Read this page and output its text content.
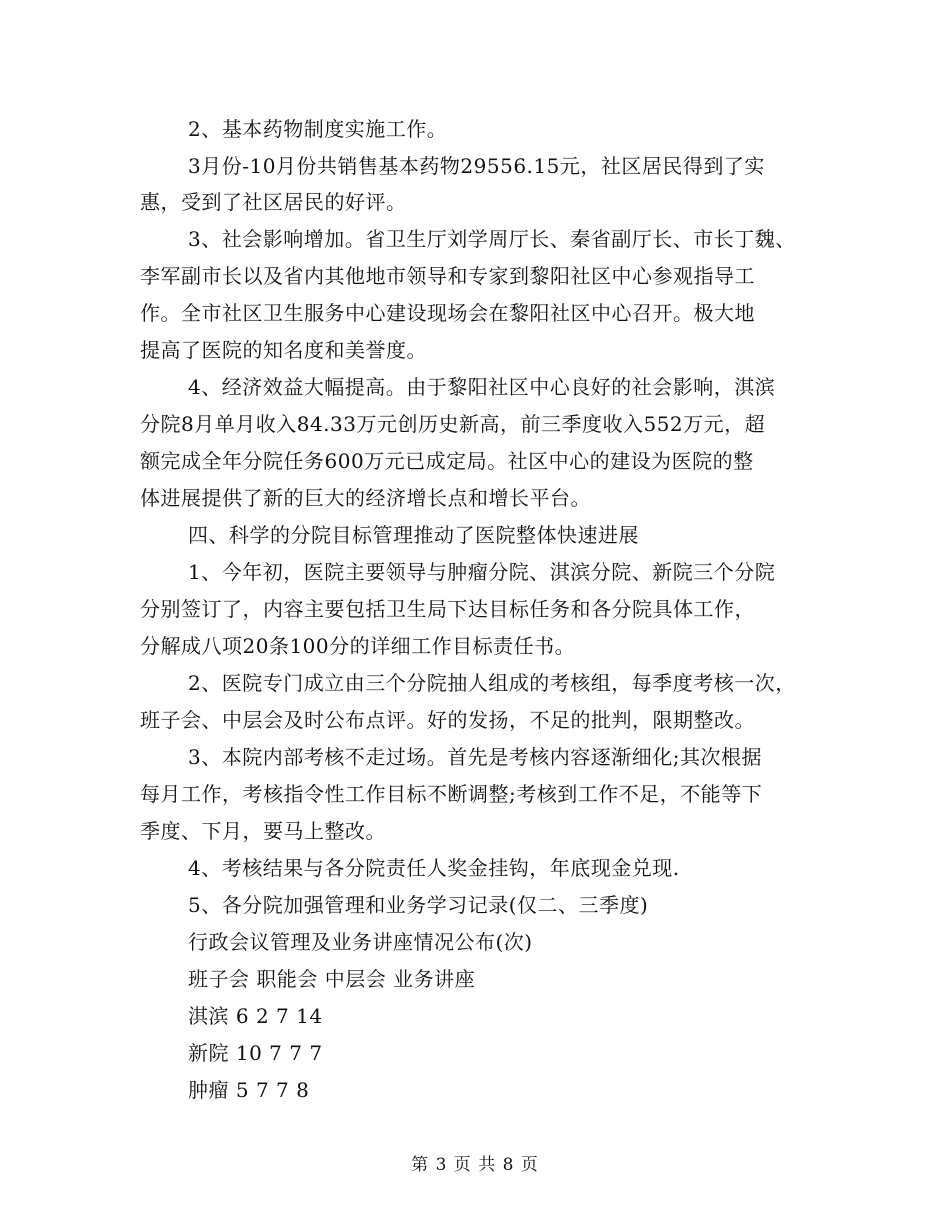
2、基本药物制度实施工作。
3月份-10月份共销售基本药物29556.15元，社区居民得到了实
惠，受到了社区居民的好评。
3、社会影响增加。省卫生厅刘学周厅长、秦省副厅长、市长丁魏、
李军副市长以及省内其他地市领导和专家到黎阳社区中心参观指导工
作。全市社区卫生服务中心建设现场会在黎阳社区中心召开。极大地
提高了医院的知名度和美誉度。
4、经济效益大幅提高。由于黎阳社区中心良好的社会影响，淇滨
分院8月单月收入84.33万元创历史新高，前三季度收入552万元，超
额完成全年分院任务600万元已成定局。社区中心的建设为医院的整
体进展提供了新的巨大的经济增长点和增长平台。
四、科学的分院目标管理推动了医院整体快速进展
1、今年初，医院主要领导与肿瘤分院、淇滨分院、新院三个分院
分别签订了，内容主要包括卫生局下达目标任务和各分院具体工作，
分解成八项20条100分的详细工作目标责任书。
2、医院专门成立由三个分院抽人组成的考核组，每季度考核一次，
班子会、中层会及时公布点评。好的发扬，不足的批判，限期整改。
3、本院内部考核不走过场。首先是考核内容逐渐细化;其次根据
每月工作，考核指令性工作目标不断调整;考核到工作不足，不能等下
季度、下月，要马上整改。
4、考核结果与各分院责任人奖金挂钩，年底现金兑现.
5、各分院加强管理和业务学习记录(仅二、三季度)
行政会议管理及业务讲座情况公布(次)
班子会 职能会 中层会 业务讲座
淇滨 6 2 7 14
新院 10 7 7 7
肿瘤 5 7 7 8
第 3 页 共 8 页
